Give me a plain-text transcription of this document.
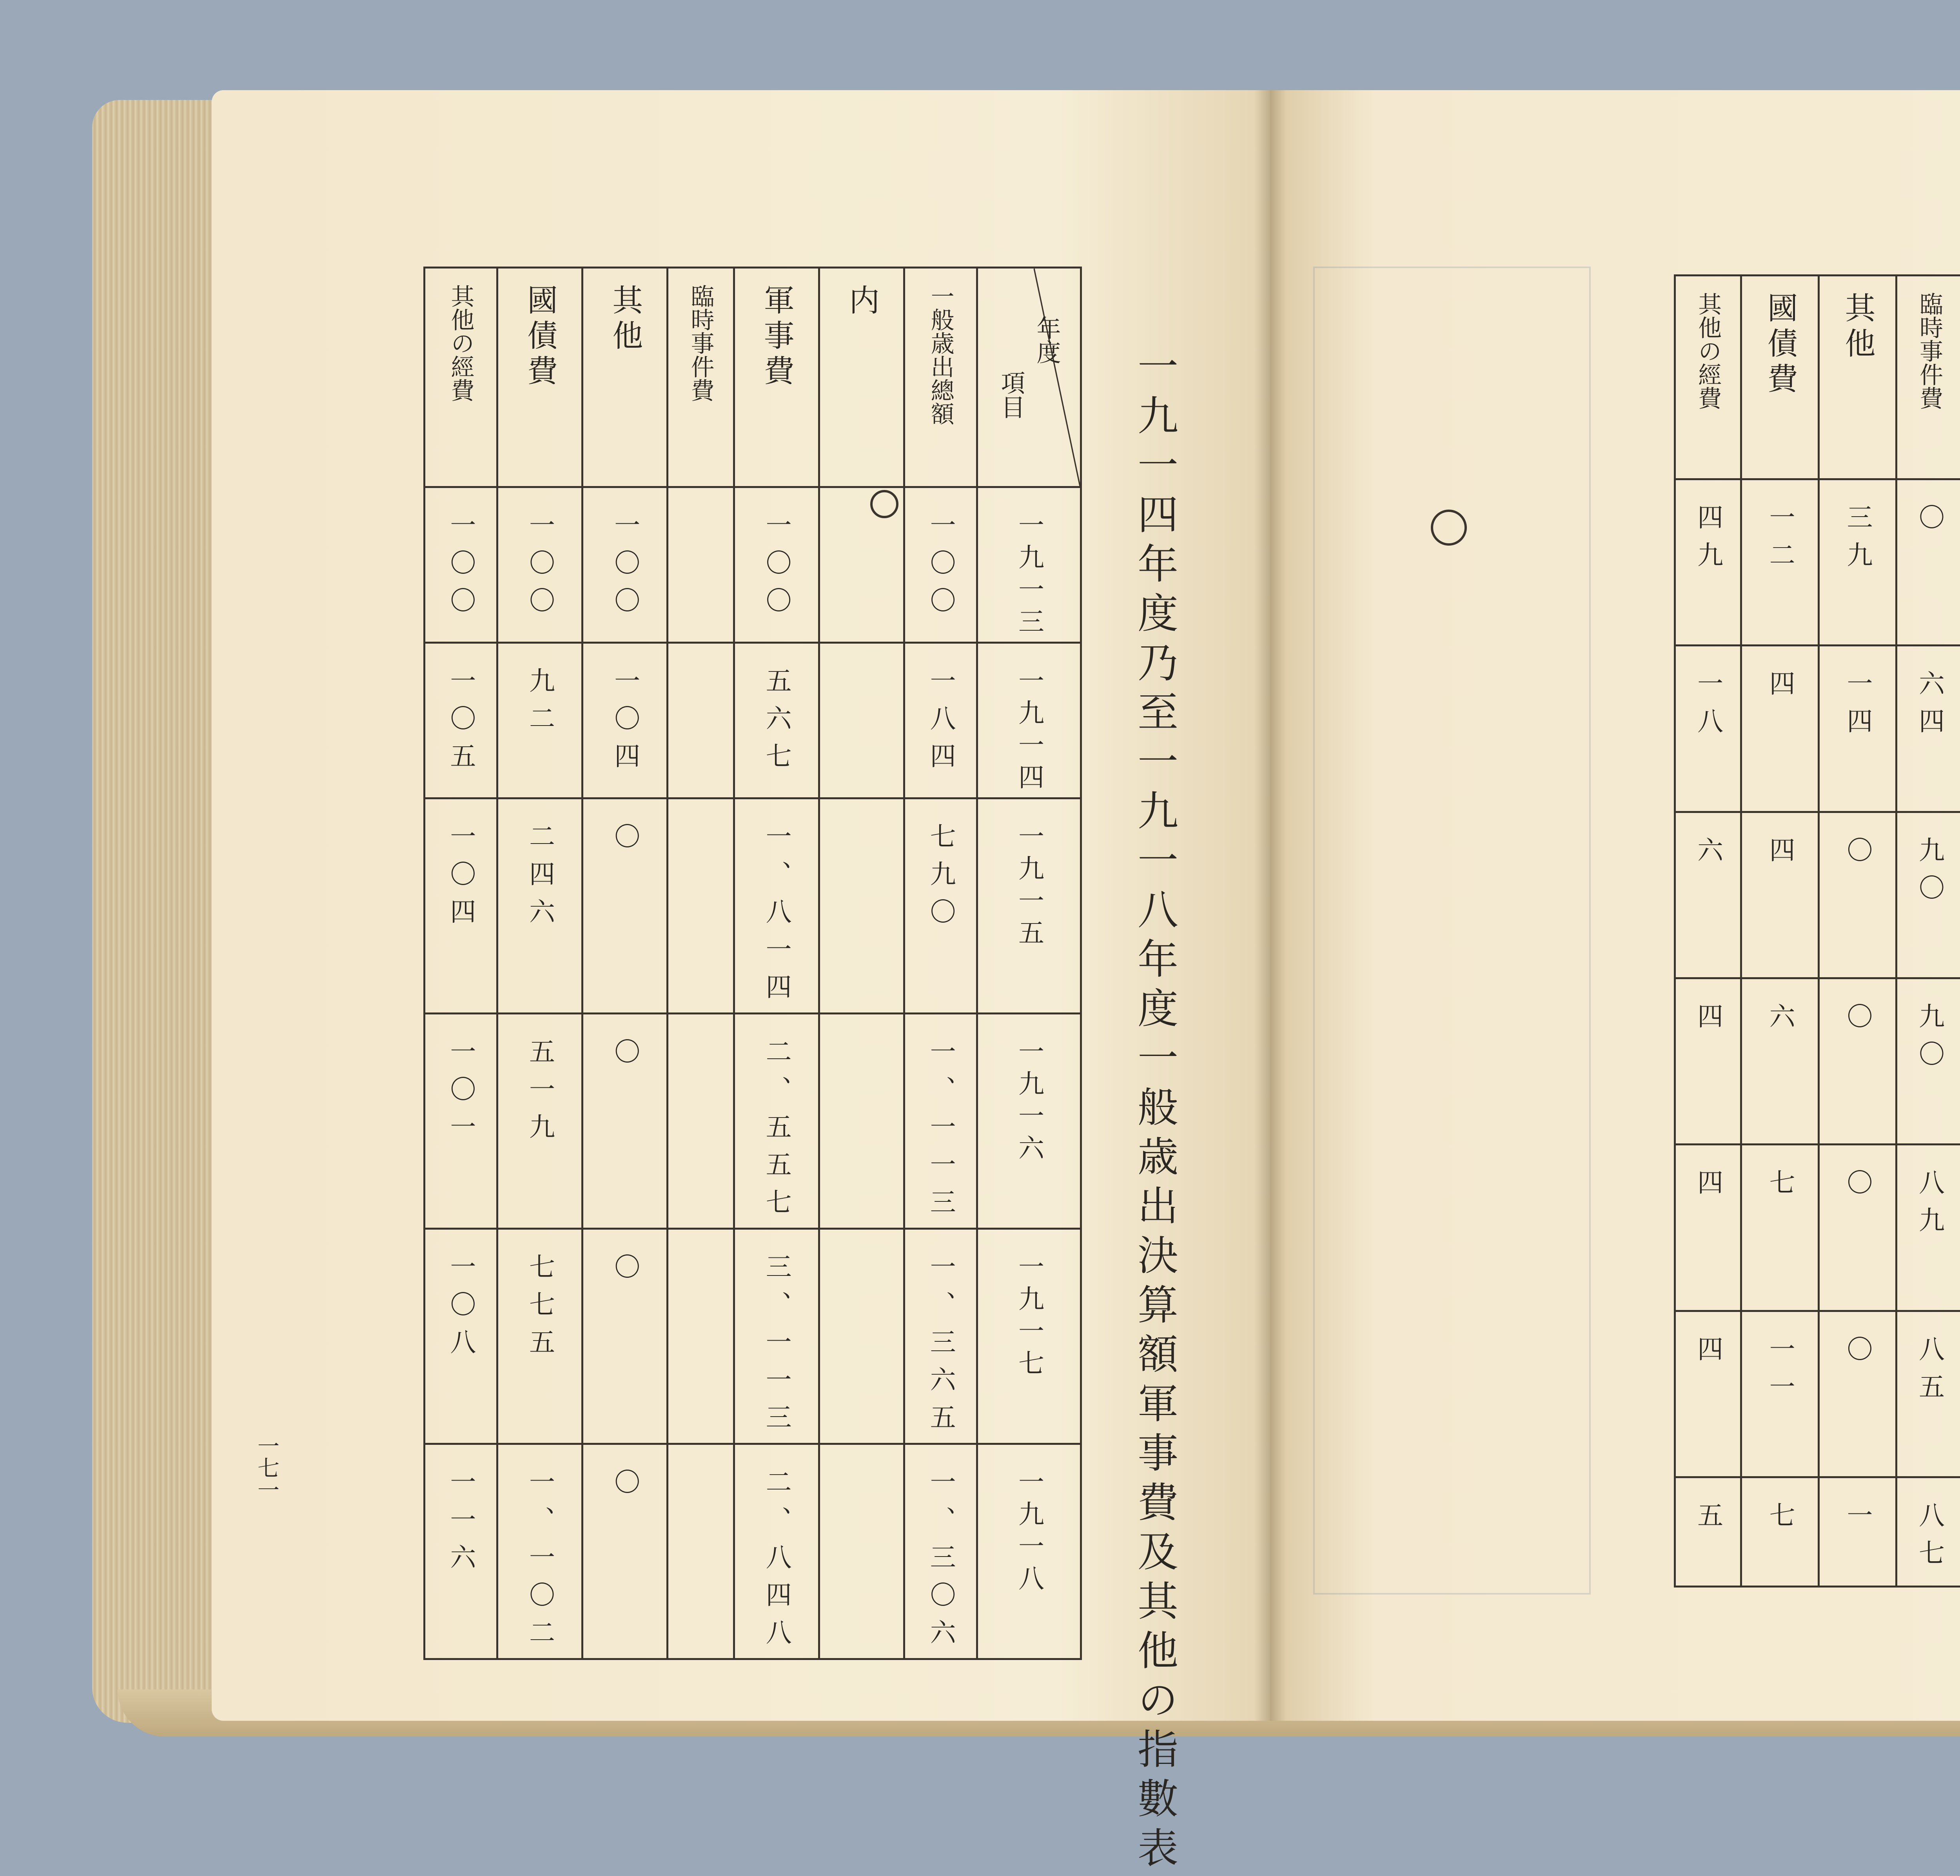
一九一四年度乃至一九一八年度一般歳出決算額軍事費及其他の指數表
一七一
其他の經費	國債費	其他	臨時事件費	軍事費	内	一般歳出總額	年度
項目

一〇〇	一〇〇	一〇〇		一〇〇		一〇〇	一九一三
一〇五	九二	一〇四		五六七		一八四	一九一四
一〇四	二四六	〇		一、八一四		七九〇	一九一五
一〇一	五一九	〇		二、五五七		一、一一三	一九一六
一〇八	七七五	〇		三、一一三		一、三六五	一九一七
一一六	一、一〇二	〇		二、八四八		一、三〇六	一九一八
其他の經費	國債費	其他	臨時事件費			

四九	一二	三九	〇			
一八	四	一四	六四			
六	四	〇	九〇			
四	六	〇	九〇			
四	七	〇	八九			
四	一一	〇	八五			
五	七	一	八七			
